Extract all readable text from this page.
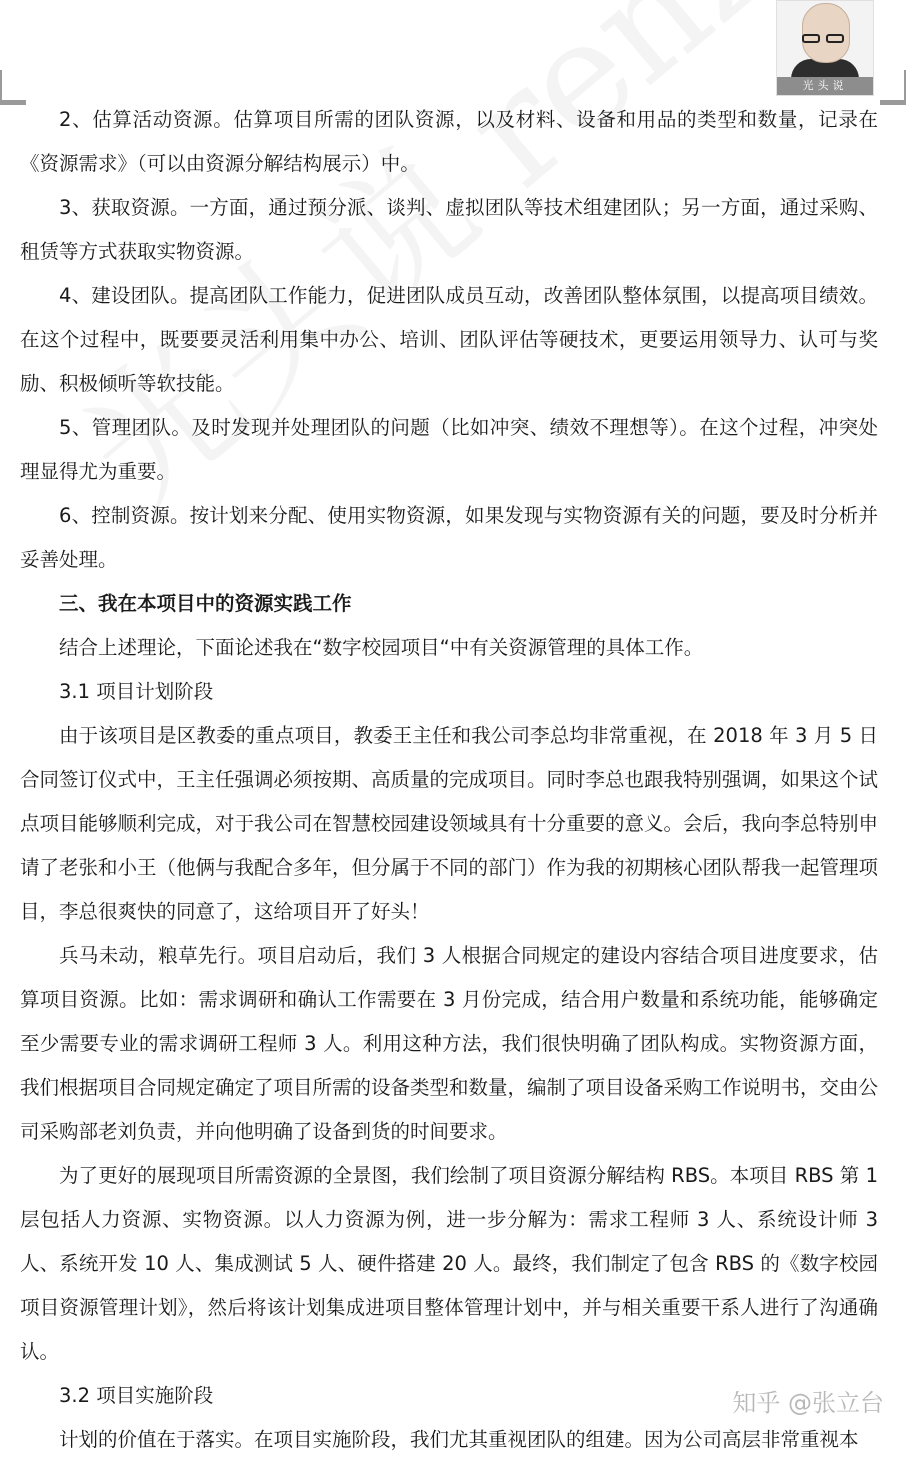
光头说

2、估算活动资源。估算项目所需的团队资源，以及材料、设备和用品的类型和数量，记录在《资源需求》（可以由资源分解结构展示）中。

3、获取资源。一方面，通过预分派、谈判、虚拟团队等技术组建团队；另一方面，通过采购、租赁等方式获取实物资源。

4、建设团队。提高团队工作能力，促进团队成员互动，改善团队整体氛围，以提高项目绩效。在这个过程中，既要要灵活利用集中办公、培训、团队评估等硬技术，更要运用领导力、认可与奖励、积极倾听等软技能。

5、管理团队。及时发现并处理团队的问题（比如冲突、绩效不理想等）。在这个过程，冲突处理显得尤为重要。

6、控制资源。按计划来分配、使用实物资源，如果发现与实物资源有关的问题，要及时分析并妥善处理。

三、我在本项目中的资源实践工作

结合上述理论，下面论述我在“数字校园项目“中有关资源管理的具体工作。

3.1 项目计划阶段

由于该项目是区教委的重点项目，教委王主任和我公司李总均非常重视，在 2018 年 3 月 5 日合同签订仪式中，王主任强调必须按期、高质量的完成项目。同时李总也跟我特别强调，如果这个试点项目能够顺利完成，对于我公司在智慧校园建设领域具有十分重要的意义。会后，我向李总特别申请了老张和小王（他俩与我配合多年，但分属于不同的部门）作为我的初期核心团队帮我一起管理项目，李总很爽快的同意了，这给项目开了好头！

兵马未动，粮草先行。项目启动后，我们 3 人根据合同规定的建设内容结合项目进度要求，估算项目资源。比如：需求调研和确认工作需要在 3 月份完成，结合用户数量和系统功能，能够确定至少需要专业的需求调研工程师 3 人。利用这种方法，我们很快明确了团队构成。实物资源方面，我们根据项目合同规定确定了项目所需的设备类型和数量，编制了项目设备采购工作说明书，交由公司采购部老刘负责，并向他明确了设备到货的时间要求。

为了更好的展现项目所需资源的全景图，我们绘制了项目资源分解结构 RBS。本项目 RBS 第 1 层包括人力资源、实物资源。以人力资源为例，进一步分解为：需求工程师 3 人、系统设计师 3 人、系统开发 10 人、集成测试 5 人、硬件搭建 20 人。最终，我们制定了包含 RBS 的《数字校园项目资源管理计划》，然后将该计划集成进项目整体管理计划中，并与相关重要干系人进行了沟通确认。

3.2 项目实施阶段

计划的价值在于落实。在项目实施阶段，我们尤其重视团队的组建。因为公司高层非常重视本

知乎 @张立台
